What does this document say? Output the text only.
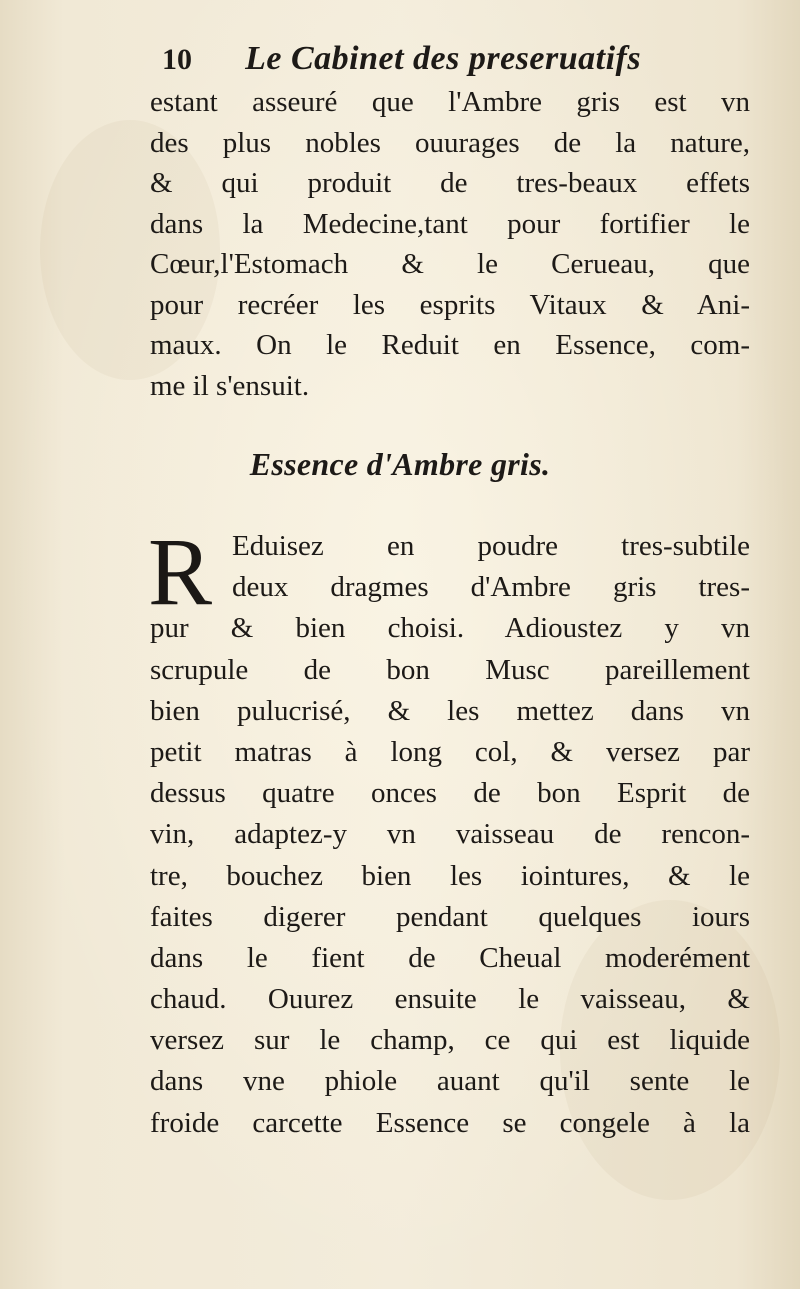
10 Le Cabinet des preseruatifs
estant asseuré que l'Ambre gris est vn
des plus nobles ouurages de la nature,
& qui produit de tres-beaux effets
dans la Medecine,tant pour fortifier le
Cœur,l'Estomach & le Cerueau, que
pour recréer les esprits Vitaux & Ani-
maux. On le Reduit en Essence, com-
me il s'ensuit.
Essence d'Ambre gris.
R Eduisez en poudre tres-subtile
deux dragmes d'Ambre gris tres-
pur & bien choisi. Adioustez y vn
scrupule de bon Musc pareillement
bien pulucrisé, & les mettez dans vn
petit matras à long col, & versez par
dessus quatre onces de bon Esprit de
vin, adaptez-y vn vaisseau de rencon-
tre, bouchez bien les iointures, & le
faites digerer pendant quelques iours
dans le fient de Cheual moderément
chaud. Ouurez ensuite le vaisseau, &
versez sur le champ, ce qui est liquide
dans vne phiole auant qu'il sente le
froide carcette Essence se congele à la
